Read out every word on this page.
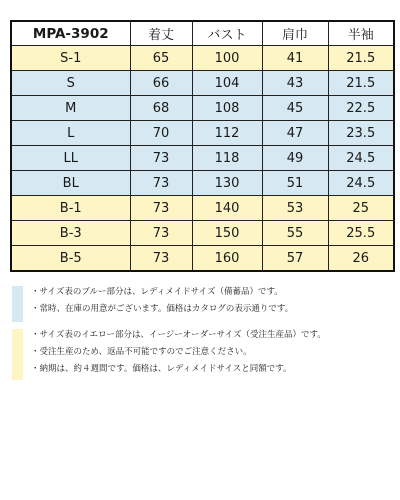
MPA-3902	着丈	バスト	肩巾	半袖
S-1	65	100	41	21.5
S	66	104	43	21.5
M	68	108	45	22.5
L	70	112	47	23.5
LL	73	118	49	24.5
BL	73	130	51	24.5
B-1	73	140	53	25
B-3	73	150	55	25.5
B-5	73	160	57	26
・サイズ表のブルー部分は、レディメイドサイズ（備蓄品）です。
・常時、在庫の用意がございます。価格はカタログの表示通りです。
・サイズ表のイエロー部分は、イージーオーダーサイズ（受注生産品）です。
・受注生産のため、返品不可能ですのでご注意ください。
・納期は、約４週間です。価格は、レディメイドサイスと同額です。
